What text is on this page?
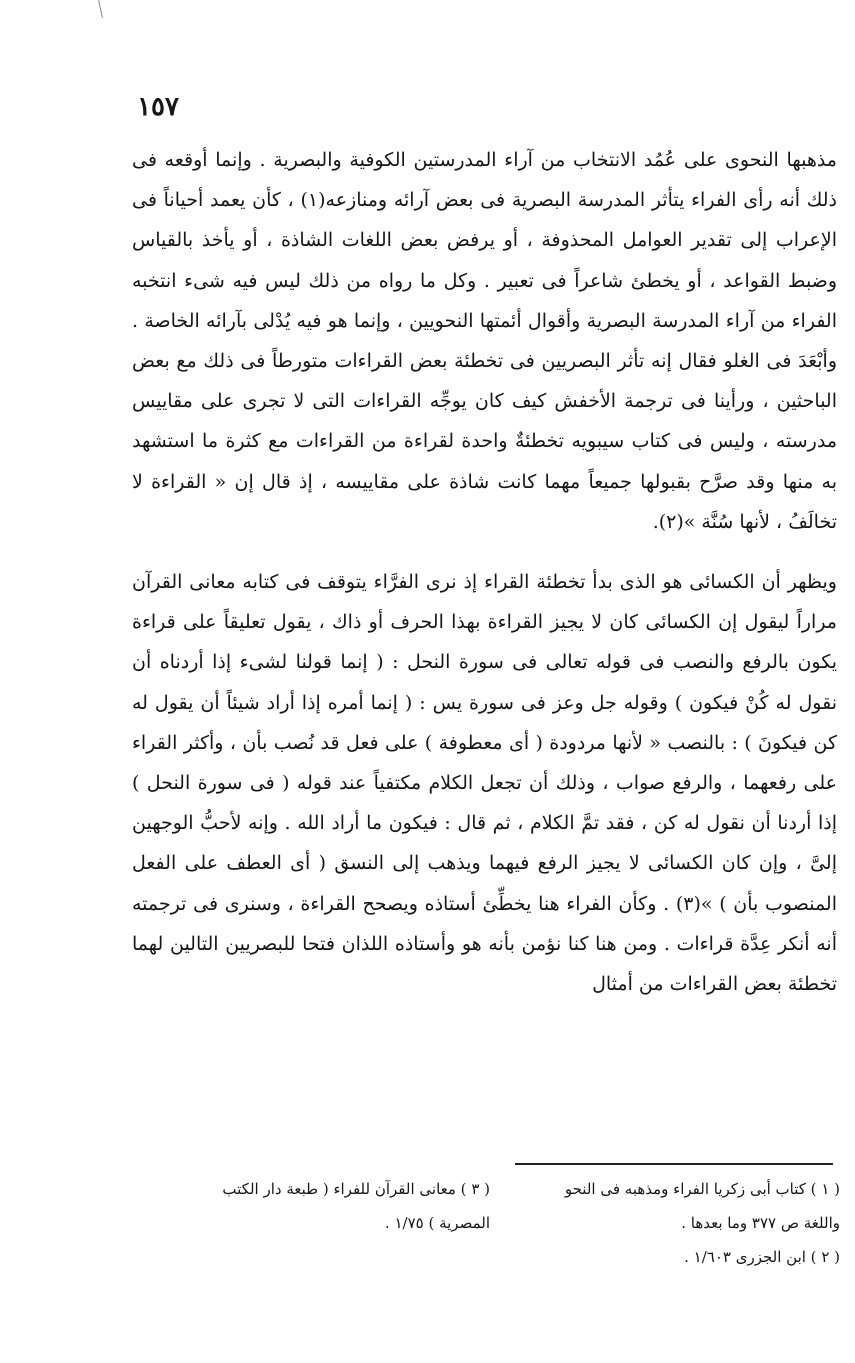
١٥٧

مذهبها النحوى على عُمُد الانتخاب من آراء المدرستين الكوفية والبصرية . وإنما أوقعه فى ذلك أنه رأى الفراء يتأثر المدرسة البصرية فى بعض آرائه ومنازعه(١) ، كأن يعمد أحياناً فى الإعراب إلى تقدير العوامل المحذوفة ، أو يرفض بعض اللغات الشاذة ، أو يأخذ بالقياس وضبط القواعد ، أو يخطئ شاعراً فى تعبير . وكل ما رواه من ذلك ليس فيه شىء انتخبه الفراء من آراء المدرسة البصرية وأقوال أئمتها النحويين ، وإنما هو فيه يُدْلى بآرائه الخاصة . وأبْعَدَ فى الغلو فقال إنه تأثر البصريين فى تخطئة بعض القراءات متورطاً فى ذلك مع بعض الباحثين ، ورأينا فى ترجمة الأخفش كيف كان يوجِّه القراءات التى لا تجرى على مقاييس مدرسته ، وليس فى كتاب سيبويه تخطئةٌ واحدة لقراءة من القراءات مع كثرة ما استشهد به منها وقد صرَّح بقبولها جميعاً مهما كانت شاذة على مقاييسه ، إذ قال إن « القراءة لا تخالَفُ ، لأنها سُنَّة »(٢).

ويظهر أن الكسائى هو الذى بدأ تخطئة القراء إذ نرى الفرَّاء يتوقف فى كتابه معانى القرآن مراراً ليقول إن الكسائى كان لا يجيز القراءة بهذا الحرف أو ذاك ، يقول تعليقاً على قراءة يكون بالرفع والنصب فى قوله تعالى فى سورة النحل : ( إنما قولنا لشىء إذا أردناه أن نقول له كُنْ فيكون ) وقوله جل وعز فى سورة يس : ( إنما أمره إذا أراد شيئاً أن يقول له كن فيكونَ ) : بالنصب « لأنها مردودة ( أى معطوفة ) على فعل قد نُصب بأن ، وأكثر القراء على رفعهما ، والرفع صواب ، وذلك أن تجعل الكلام مكتفياً عند قوله ( فى سورة النحل ) إذا أردنا أن نقول له كن ، فقد تمَّ الكلام ، ثم قال : فيكون ما أراد الله . وإنه لأحبُّ الوجهين إلىَّ ، وإن كان الكسائى لا يجيز الرفع فيهما ويذهب إلى النسق ( أى العطف على الفعل المنصوب بأن ) »(٣) . وكأن الفراء هنا يخطِّئ أستاذه ويصحح القراءة ، وسنرى فى ترجمته أنه أنكر عِدَّة قراءات . ومن هنا كنا نؤمن بأنه هو وأستاذه اللذان فتحا للبصريين التالين لهما تخطئة بعض القراءات من أمثال

( ١ ) كتاب أبى زكريا الفراء ومذهبه فى النحو

واللغة ص ٣٧٧ وما بعدها .

( ٢ ) ابن الجزرى ١/٦٠٣ .

( ٣ ) معانى القرآن للفراء ( طبعة دار الكتب

المصرية ) ١/٧٥ .
